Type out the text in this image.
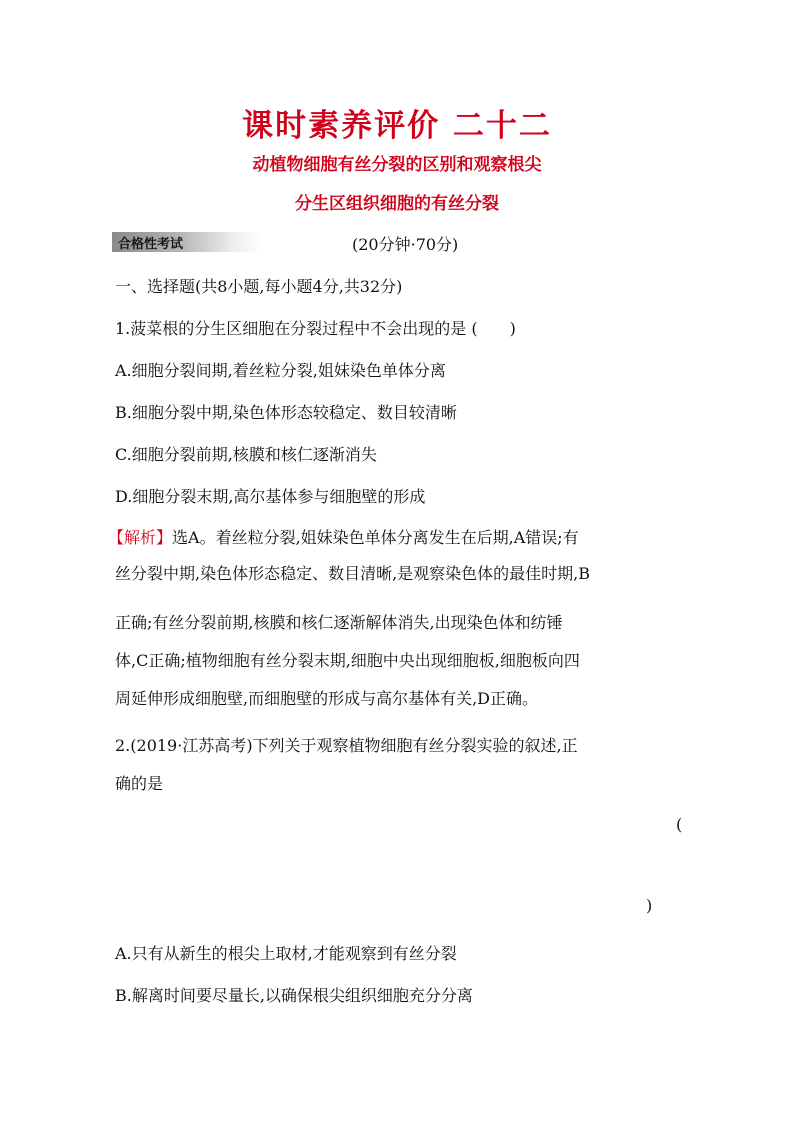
课时素养评价 二十二
动植物细胞有丝分裂的区别和观察根尖
分生区组织细胞的有丝分裂
合格性考试	(20分钟·70分)
一、选择题(共8小题,每小题4分,共32分)
1.菠菜根的分生区细胞在分裂过程中不会出现的是 (　　)
A.细胞分裂间期,着丝粒分裂,姐妹染色单体分离
B.细胞分裂中期,染色体形态较稳定、数目较清晰
C.细胞分裂前期,核膜和核仁逐渐消失
D.细胞分裂末期,高尔基体参与细胞壁的形成
【解析】选A。着丝粒分裂,姐妹染色单体分离发生在后期,A错误;有
丝分裂中期,染色体形态稳定、数目清晰,是观察染色体的最佳时期,B
正确;有丝分裂前期,核膜和核仁逐渐解体消失,出现染色体和纺锤
体,C正确;植物细胞有丝分裂末期,细胞中央出现细胞板,细胞板向四
周延伸形成细胞壁,而细胞壁的形成与高尔基体有关,D正确。
2.(2019·江苏高考)下列关于观察植物细胞有丝分裂实验的叙述,正
确的是
(
)
A.只有从新生的根尖上取材,才能观察到有丝分裂
B.解离时间要尽量长,以确保根尖组织细胞充分分离
